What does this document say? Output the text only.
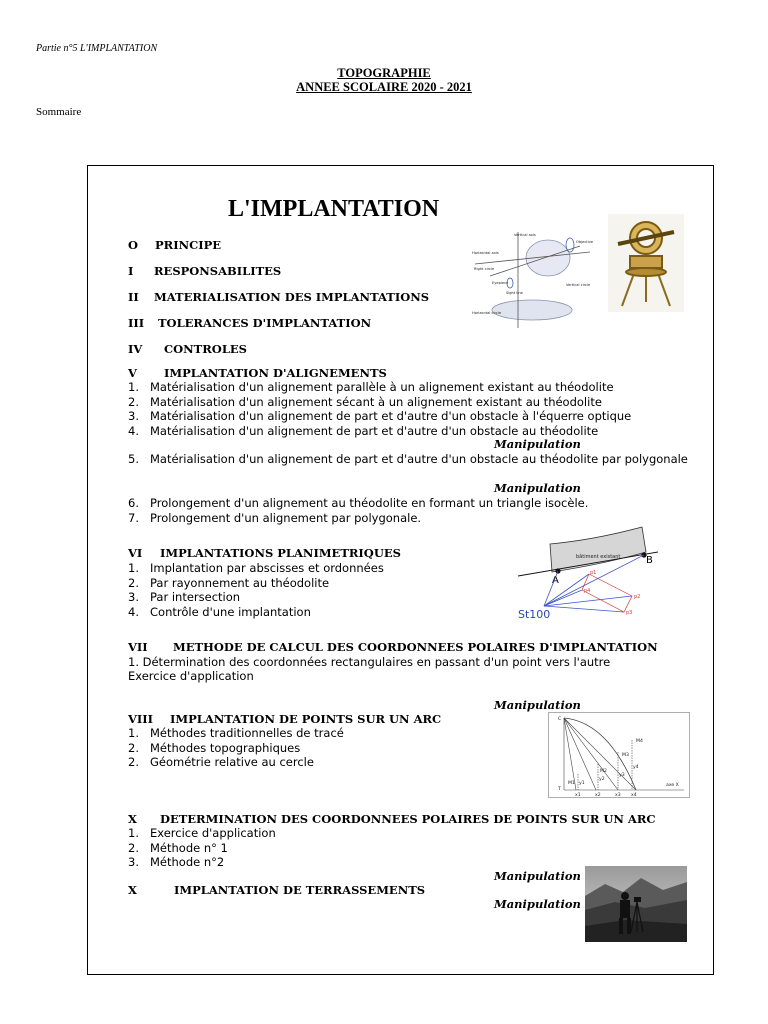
Partie n°5 L'IMPLANTATION
TOPOGRAPHIE
ANNEE SCOLAIRE 2020 - 2021
Sommaire
L'IMPLANTATION
O PRINCIPE
I RESPONSABILITES
II MATERIALISATION DES IMPLANTATIONS
III TOLERANCES D'IMPLANTATION
IV CONTROLES
V IMPLANTATION D'ALIGNEMENTS
1. Matérialisation d'un alignement parallèle à un alignement existant au théodolite
2. Matérialisation d'un alignement sécant à un alignement existant au théodolite
3. Matérialisation d'un alignement de part et d'autre d'un obstacle à l'équerre optique
4. Matérialisation d'un alignement de part et d'autre d'un obstacle au théodolite
Manipulation
5. Matérialisation d'un alignement de part et d'autre d'un obstacle au théodolite par polygonale
Manipulation
6. Prolongement d'un alignement au théodolite en formant un triangle isocèle.
7. Prolongement d'un alignement par polygonale.
VI IMPLANTATIONS PLANIMETRIQUES
1. Implantation par abscisses et ordonnées
2. Par rayonnement au théodolite
3. Par intersection
4. Contrôle d'une implantation
VII METHODE DE CALCUL DES COORDONNEES POLAIRES D'IMPLANTATION
1. Détermination des coordonnées rectangulaires en passant d'un point vers l'autre
Exercice d'application
Manipulation
VIII IMPLANTATION DE POINTS SUR UN ARC
1. Méthodes traditionnelles de tracé
2. Méthodes topographiques
2. Géométrie relative au cercle
X DETERMINATION DES COORDONNEES POLAIRES DE POINTS SUR UN ARC
1. Exercice d'application
2. Méthode n° 1
3. Méthode n°2
Manipulation
X	IMPLANTATION DE TERRASSEMENTS
Manipulation
Vertical axis
Horizontal axis
Objective
Right circle
Eyepiece	Vertical circle
Horizontal circle
Sight line
A
B
bâtiment existant
p1
p2
p3
p4
St100
C
T
M1
M2
M3
M4
y1
y2
y3
y4
x1	x2	x3 x4
axe X
